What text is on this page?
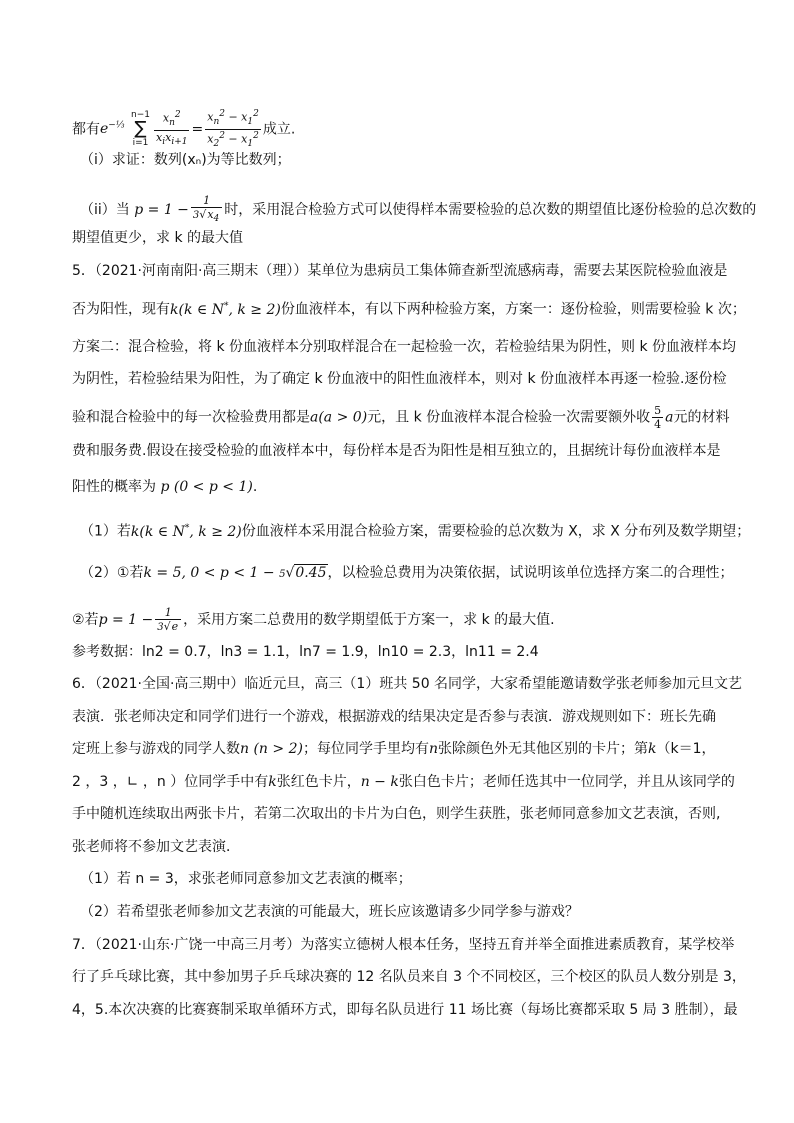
都有$e^{-\frac{1}{3}}$ n−1
∑
$i=1 \frac{x_n^2}{x_ix_{i+1}} = \frac{x_n^2 - x_1^2}{x_2^2 - x_1^2}$ 成立.
（i）求证：数列(xₙ)为等比数列；
（ii）当 $p = 1 - \frac{1}{3√x_4}$ 时，采用混合检验方式可以使得样本需要检验的总次数的期望值比逐份检验的总次数的
期望值更少，求 k 的最大值
5．（2021·河南南阳·高三期末（理））某单位为患病员工集体筛查新型流感病毒，需要去某医院检验血液是
否为阳性，现有k(k ∈ N*, k ≥ 2)份血液样本，有以下两种检验方案，方案一：逐份检验，则需要检验 k 次；
方案二：混合检验，将 k 份血液样本分别取样混合在一起检验一次，若检验结果为阴性，则 k 份血液样本均
为阴性，若检验结果为阳性，为了确定 k 份血液中的阳性血液样本，则对 k 份血液样本再逐一检验.逐份检
验和混合检验中的每一次检验费用都是a(a > 0)元，且 k 份血液样本混合检验一次需要额外收 $\frac{5}{4}$ a元的材料
费和服务费.假设在接受检验的血液样本中，每份样本是否为阳性是相互独立的，且据统计每份血液样本是
阳性的概率为 p (0 < p < 1).
（1）若k(k ∈ N*, k ≥ 2)份血液样本采用混合检验方案，需要检验的总次数为 X，求 X 分布列及数学期望；
（2）①若k = 5, 0 < p < 1 − 5√0.45，以检验总费用为决策依据，试说明该单位选择方案二的合理性；
②若$p = 1 - \frac{1}{3√e}$ ，采用方案二总费用的数学期望低于方案一，求 k 的最大值.
参考数据：ln2 = 0.7，ln3 = 1.1，ln7 = 1.9，ln10 = 2.3，ln11 = 2.4
6．（2021·全国·高三期中）临近元旦，高三（1）班共 50 名同学，大家希望能邀请数学张老师参加元旦文艺
表演．张老师决定和同学们进行一个游戏，根据游戏的结果决定是否参与表演．游戏规则如下：班长先确
定班上参与游戏的同学人数n (n > 2)；每位同学手里均有n张除颜色外无其他区别的卡片；第k（k＝1，
2 ，3 ，∟ ，n ）位同学手中有k张红色卡片，n − k张白色卡片；老师任选其中一位同学，并且从该同学的
手中随机连续取出两张卡片，若第二次取出的卡片为白色，则学生获胜，张老师同意参加文艺表演，否则,
张老师将不参加文艺表演．
（1）若 n = 3，求张老师同意参加文艺表演的概率；
（2）若希望张老师参加文艺表演的可能最大，班长应该邀请多少同学参与游戏？
7．（2021·山东·广饶一中高三月考）为落实立德树人根本任务，坚持五育并举全面推进素质教育，某学校举
行了乒乓球比赛，其中参加男子乒乓球决赛的 12 名队员来自 3 个不同校区，三个校区的队员人数分别是 3，
4，5.本次决赛的比赛赛制采取单循环方式，即每名队员进行 11 场比赛（每场比赛都采取 5 局 3 胜制），最
